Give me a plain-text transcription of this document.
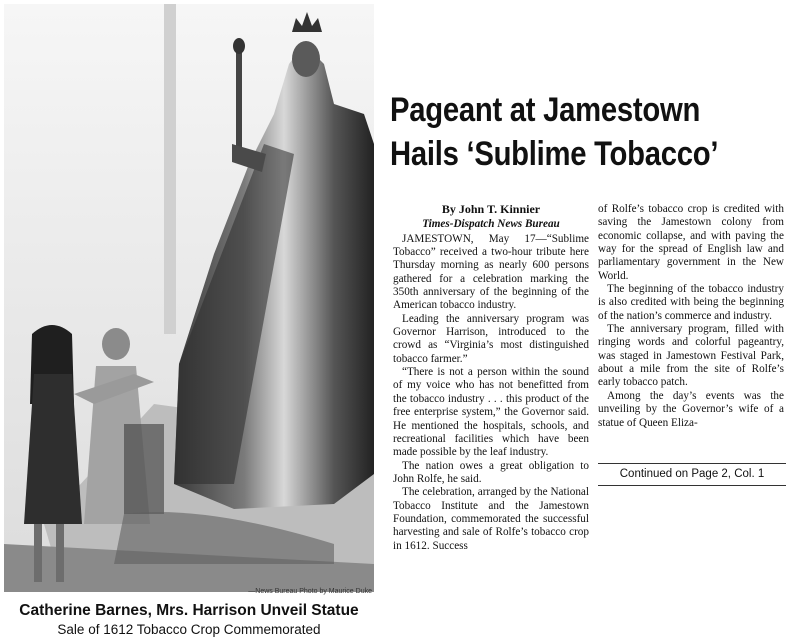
—News Bureau Photo by Maurice Duke
Catherine Barnes, Mrs. Harrison Unveil Statue
Sale of 1612 Tobacco Crop Commemorated
Pageant at Jamestown
Hails ‘Sublime Tobacco’
By John T. Kinnier
Times-Dispatch News Bureau

JAMESTOWN, May 17—“Sublime Tobacco” received a two-hour tribute here Thursday morning as nearly 600 persons gathered for a celebration marking the 350th anniversary of the beginning of the American tobacco industry.

Leading the anniversary program was Governor Harrison, introduced to the crowd as “Virginia’s most distinguished tobacco farmer.”

“There is not a person within the sound of my voice who has not benefitted from the tobacco industry . . . this product of the free enterprise system,” the Governor said. He mentioned the hospitals, schools, and recreational facilities which have been made possible by the leaf industry.

The nation owes a great obligation to John Rolfe, he said.

The celebration, arranged by the National Tobacco Institute and the Jamestown Foundation, commemorated the successful harvesting and sale of Rolfe’s tobacco crop in 1612. Success

of Rolfe’s tobacco crop is credited with saving the Jamestown colony from economic collapse, and with paving the way for the spread of English law and parliamentary government in the New World.

The beginning of the tobacco industry is also credited with being the beginning of the nation’s commerce and industry.

The anniversary program, filled with ringing words and colorful pageantry, was staged in Jamestown Festival Park, about a mile from the site of Rolfe’s early tobacco patch.

Among the day’s events was the unveiling by the Governor’s wife of a statue of Queen Eliza-

Continued on Page 2, Col. 1
